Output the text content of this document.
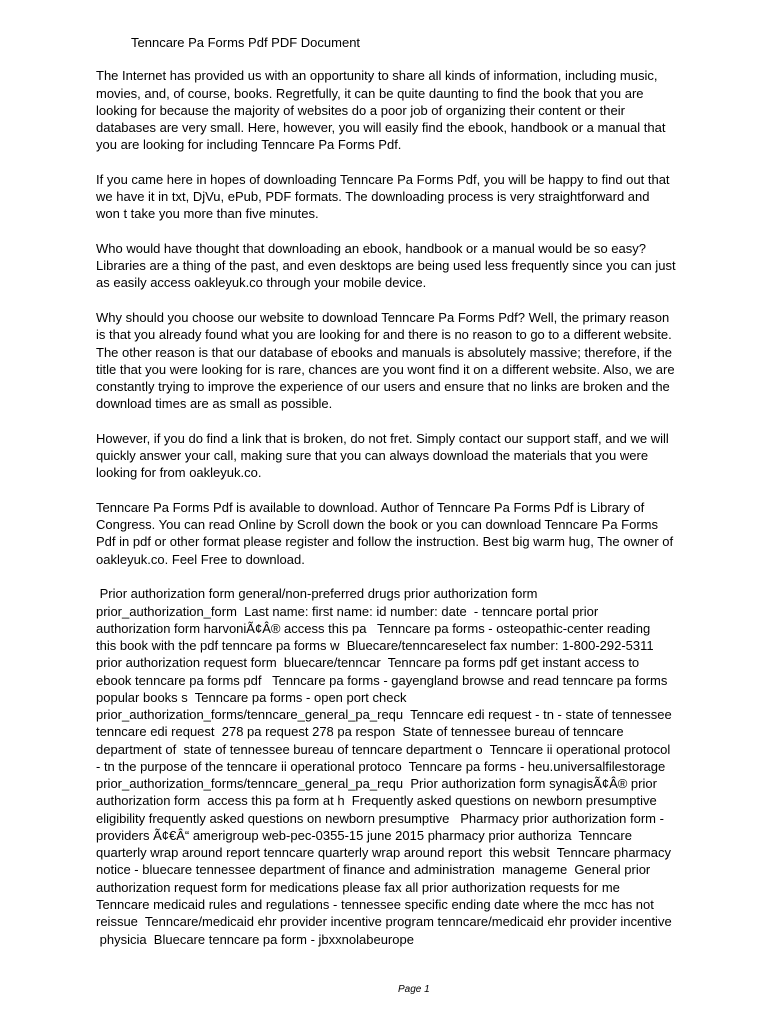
Tenncare Pa Forms Pdf PDF Document
The Internet has provided us with an opportunity to share all kinds of information, including music,
movies, and, of course, books. Regretfully, it can be quite daunting to find the book that you are
looking for because the majority of websites do a poor job of organizing their content or their
databases are very small. Here, however, you will easily find the ebook, handbook or a manual that
you are looking for including Tenncare Pa Forms Pdf.
If you came here in hopes of downloading Tenncare Pa Forms Pdf, you will be happy to find out that
we have it in txt, DjVu, ePub, PDF formats. The downloading process is very straightforward and
won t take you more than five minutes.
Who would have thought that downloading an ebook, handbook or a manual would be so easy?
Libraries are a thing of the past, and even desktops are being used less frequently since you can just
as easily access oakleyuk.co through your mobile device.
Why should you choose our website to download Tenncare Pa Forms Pdf? Well, the primary reason
is that you already found what you are looking for and there is no reason to go to a different website.
The other reason is that our database of ebooks and manuals is absolutely massive; therefore, if the
title that you were looking for is rare, chances are you wont find it on a different website. Also, we are
constantly trying to improve the experience of our users and ensure that no links are broken and the
download times are as small as possible.
However, if you do find a link that is broken, do not fret. Simply contact our support staff, and we will
quickly answer your call, making sure that you can always download the materials that you were
looking for from oakleyuk.co.
Tenncare Pa Forms Pdf is available to download. Author of Tenncare Pa Forms Pdf is Library of
Congress. You can read Online by Scroll down the book or you can download Tenncare Pa Forms
Pdf in pdf or other format please register and follow the instruction. Best big warm hug, The owner of
oakleyuk.co. Feel Free to download.
Prior authorization form general/non-preferred drugs prior authorization form
prior_authorization_form  Last name: first name: id number: date  - tenncare portal prior
authorization form harvoniÃ¢Â® access this pa   Tenncare pa forms - osteopathic-center reading
this book with the pdf tenncare pa forms w  Bluecare/tenncareselect fax number: 1-800-292-5311
prior authorization request form  bluecare/tenncar  Tenncare pa forms pdf get instant access to
ebook tenncare pa forms pdf   Tenncare pa forms - gayengland browse and read tenncare pa forms
popular books s  Tenncare pa forms - open port check
prior_authorization_forms/tenncare_general_pa_requ  Tenncare edi request - tn - state of tennessee
tenncare edi request  278 pa request 278 pa respon  State of tennessee bureau of tenncare
department of  state of tennessee bureau of tenncare department o  Tenncare ii operational protocol
- tn the purpose of the tenncare ii operational protoco  Tenncare pa forms - heu.universalfilestorage
prior_authorization_forms/tenncare_general_pa_requ  Prior authorization form synagisÃ¢Â® prior
authorization form  access this pa form at h  Frequently asked questions on newborn presumptive
eligibility frequently asked questions on newborn presumptive   Pharmacy prior authorization form -
providers Ã¢€Â“ amerigroup web-pec-0355-15 june 2015 pharmacy prior authoriza  Tenncare
quarterly wrap around report tenncare quarterly wrap around report  this websit  Tenncare pharmacy
notice - bluecare tennessee department of finance and administration  manageme  General prior
authorization request form for medications please fax all prior authorization requests for me
Tenncare medicaid rules and regulations - tennessee specific ending date where the mcc has not
reissue  Tenncare/medicaid ehr provider incentive program tenncare/medicaid ehr provider incentive
physicia  Bluecare tenncare pa form - jbxxnolabeurope
Page 1
